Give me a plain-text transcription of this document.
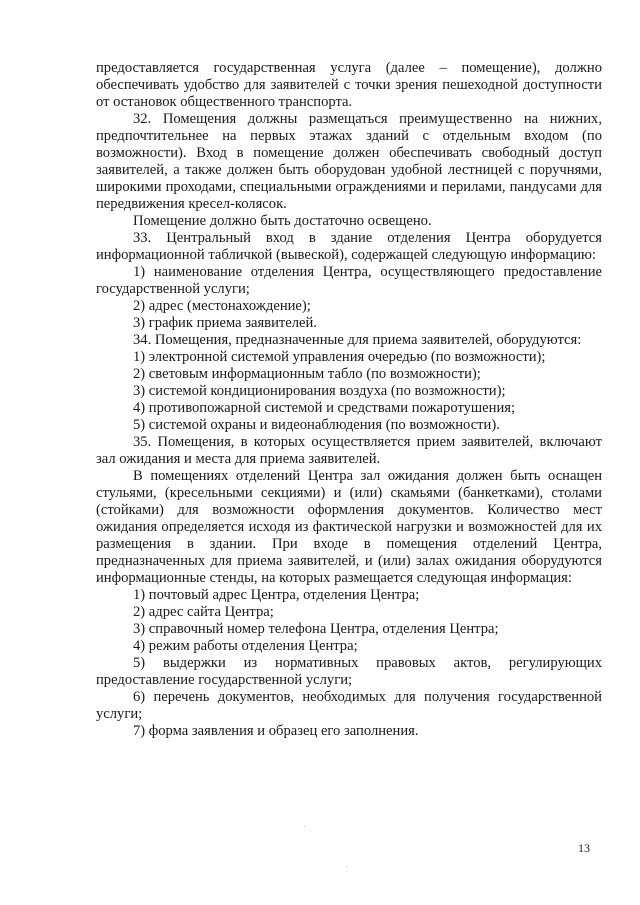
предоставляется государственная услуга (далее – помещение), должно обеспечивать удобство для заявителей с точки зрения пешеходной доступности от остановок общественного транспорта.

32. Помещения должны размещаться преимущественно на нижних, предпочтительнее на первых этажах зданий с отдельным входом (по возможности). Вход в помещение должен обеспечивать свободный доступ заявителей, а также должен быть оборудован удобной лестницей с поручнями, широкими проходами, специальными ограждениями и перилами, пандусами для передвижения кресел-колясок.

Помещение должно быть достаточно освещено.

33. Центральный вход в здание отделения Центра оборудуется информационной табличкой (вывеской), содержащей следующую информацию:

1) наименование отделения Центра, осуществляющего предоставление государственной услуги;

2) адрес (местонахождение);

3) график приема заявителей.

34. Помещения, предназначенные для приема заявителей, оборудуются:

1) электронной системой управления очередью (по возможности);

2) световым информационным табло (по возможности);

3) системой кондиционирования воздуха (по возможности);

4) противопожарной системой и средствами пожаротушения;

5) системой охраны и видеонаблюдения (по возможности).

35. Помещения, в которых осуществляется прием заявителей, включают зал ожидания и места для приема заявителей.

В помещениях отделений Центра зал ожидания должен быть оснащен стульями, (кресельными секциями) и (или) скамьями (банкетками), столами (стойками) для возможности оформления документов. Количество мест ожидания определяется исходя из фактической нагрузки и возможностей для их размещения в здании. При входе в помещения отделений Центра, предназначенных для приема заявителей, и (или) залах ожидания оборудуются информационные стенды, на которых размещается следующая информация:

1) почтовый адрес Центра, отделения Центра;

2) адрес сайта Центра;

3) справочный номер телефона Центра, отделения Центра;

4) режим работы отделения Центра;

5) выдержки из нормативных правовых актов, регулирующих предоставление государственной услуги;

6) перечень документов, необходимых для получения государственной услуги;

7) форма заявления и образец его заполнения.

13
